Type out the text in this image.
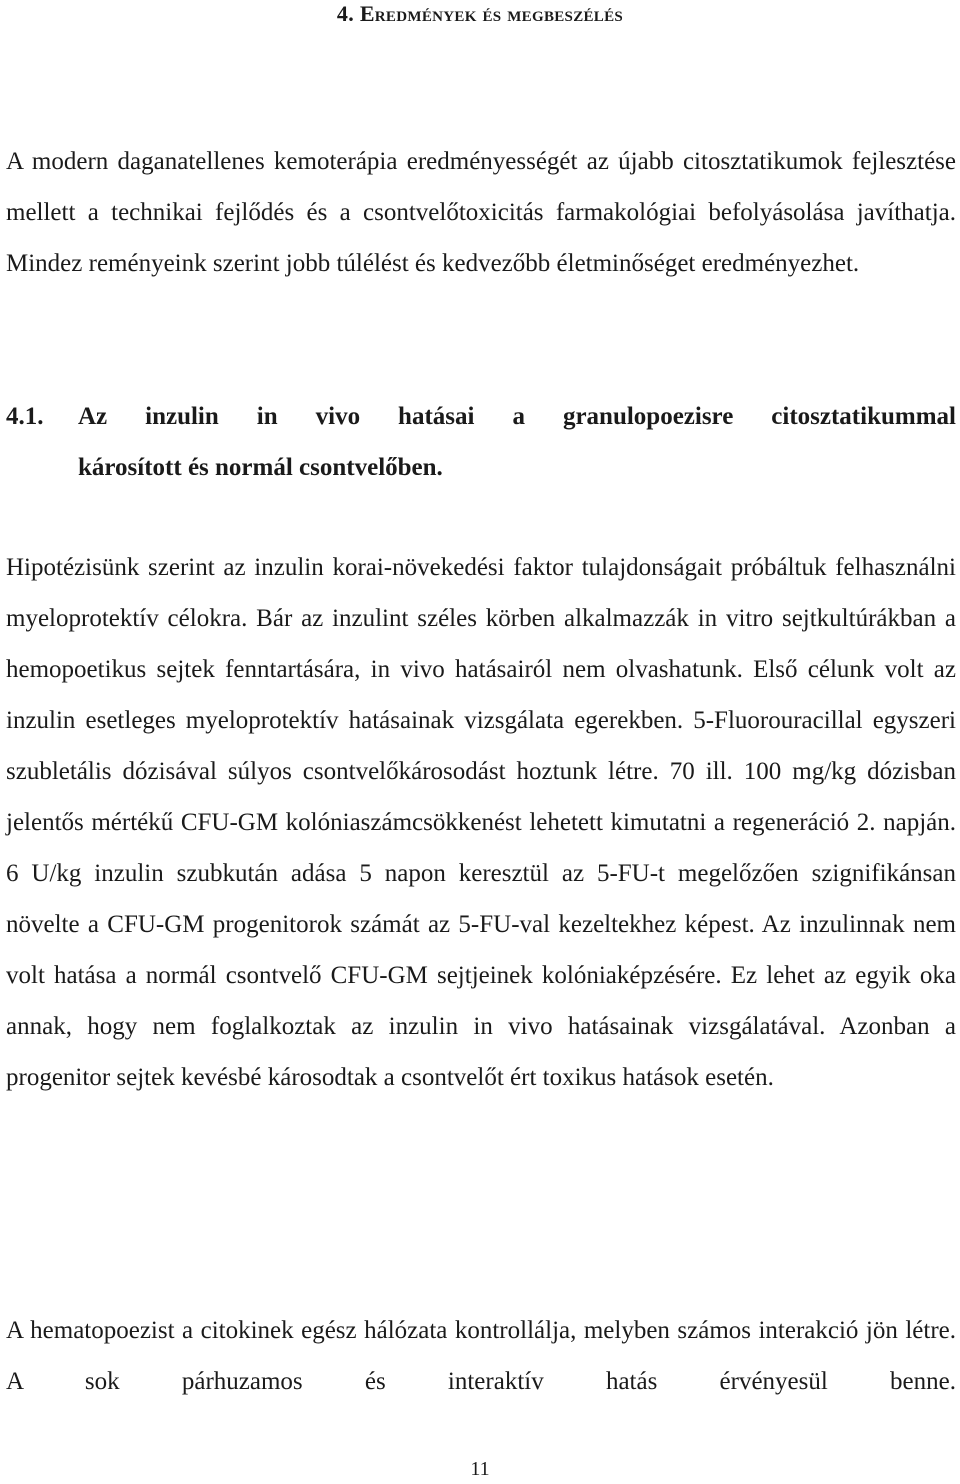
4. Eredmények és megbeszélés

A modern daganatellenes kemoterápia eredményességét az újabb citosztatikumok fejlesztése mellett a technikai fejlődés és a csontvelőtoxicitás farmakológiai befolyásolása javíthatja. Mindez reményeink szerint jobb túlélést és kedvezőbb életminőséget eredményezhet.

4.1.	Az inzulin in vivo hatásai a granulopoezisre citosztatikummal
károsított és normál csontvelőben.

Hipotézisünk szerint az inzulin korai-növekedési faktor tulajdonságait próbáltuk felhasználni myeloprotektív célokra. Bár az inzulint széles körben alkalmazzák in vitro sejtkultúrákban a hemopoetikus sejtek fenntartására, in vivo hatásairól nem olvashatunk. Első célunk volt az inzulin esetleges myeloprotektív hatásainak vizsgálata egerekben. 5-Fluorouracillal egyszeri szubletális dózisával súlyos csontvelőkárosodást hoztunk létre. 70 ill. 100 mg/kg dózisban jelentős mértékű CFU-GM kolóniaszámcsökkenést lehetett kimutatni a regeneráció 2. napján. 6 U/kg inzulin szubkután adása 5 napon keresztül az 5-FU-t megelőzően szignifikánsan növelte a CFU-GM progenitorok számát az 5-FU-val kezeltekhez képest. Az inzulinnak nem volt hatása a normál csontvelő CFU-GM sejtjeinek kolóniaképzésére. Ez lehet az egyik oka annak, hogy nem foglalkoztak az inzulin in vivo hatásainak vizsgálatával. Azonban a progenitor sejtek kevésbé károsodtak a csontvelőt ért toxikus hatások esetén.

A hematopoezist a citokinek egész hálózata kontrollálja, melyben számos interakció jön létre. A sok párhuzamos és interaktív hatás érvényesül benne.

11
